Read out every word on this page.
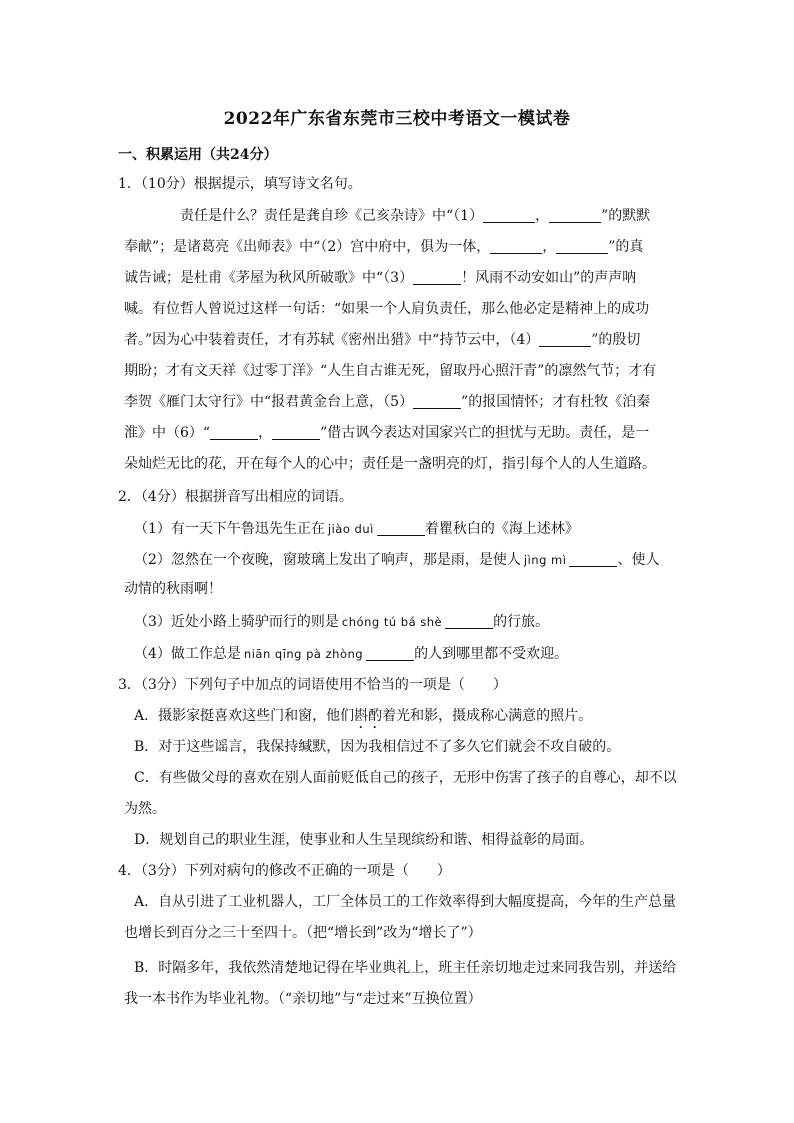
2022年广东省东莞市三校中考语文一模试卷
一、积累运用（共24分）
1．（10分）根据提示，填写诗文名句。
责任是什么？责任是龚自珍《己亥杂诗》中“（1）	，	”的默默
奉献”；是诸葛亮《出师表》中“（2）宫中府中，俱为一体，	，	”的真
诚告诫；是杜甫《茅屋为秋风所破歌》中“（3）	！风雨不动安如山”的声声呐
喊。有位哲人曾说过这样一句话：“如果一个人肩负责任，那么他必定是精神上的成功
者。”因为心中装着责任，才有苏轼《密州出猎》中“持节云中，（4）	”的殷切
期盼；才有文天祥《过零丁洋》“人生自古谁无死，留取丹心照汗青”的凛然气节；才有
李贺《雁门太守行》中“报君黄金台上意，（5）	”的报国情怀；才有杜牧《泊秦
淮》中（6）“	，	”借古讽今表达对国家兴亡的担忧与无助。责任，是一
朵灿烂无比的花，开在每个人的心中；责任是一盏明亮的灯，指引每个人的人生道路。
2．（4分）根据拼音写出相应的词语。
（1）有一天下午鲁迅先生正在 jiào duì	着瞿秋白的《海上述林》
（2）忽然在一个夜晚，窗玻璃上发出了响声，那是雨，是使人 jìng mì	、使人
动情的秋雨啊！
（3）近处小路上骑驴而行的则是 chóng tú bá shè	的行旅。
（4）做工作总是 niān qīng pà zhòng	的人到哪里都不受欢迎。
3．（3分）下列句子中加点的词语使用不恰当的一项是（　　）
A．摄影家挺喜欢这些门和窗，他们斟酌着光和影，摄成称心满意的照片。
B．对于这些谣言，我保持缄默，因为我相信过不了多久它们就会不攻自破的。
C．有些做父母的喜欢在别人面前贬低自己的孩子，无形中伤害了孩子的自尊心，却不以
为然。
D．规划自己的职业生涯，使事业和人生呈现缤纷和谐、相得益彰的局面。
4．（3分）下列对病句的修改不正确的一项是（　　）
A．自从引进了工业机器人，工厂全体员工的工作效率得到大幅度提高，今年的生产总量
也增长到百分之三十至四十。（把“增长到”改为“增长了”）
B．时隔多年，我依然清楚地记得在毕业典礼上，班主任亲切地走过来同我告别，并送给
我一本书作为毕业礼物。（“亲切地”与“走过来”互换位置）
